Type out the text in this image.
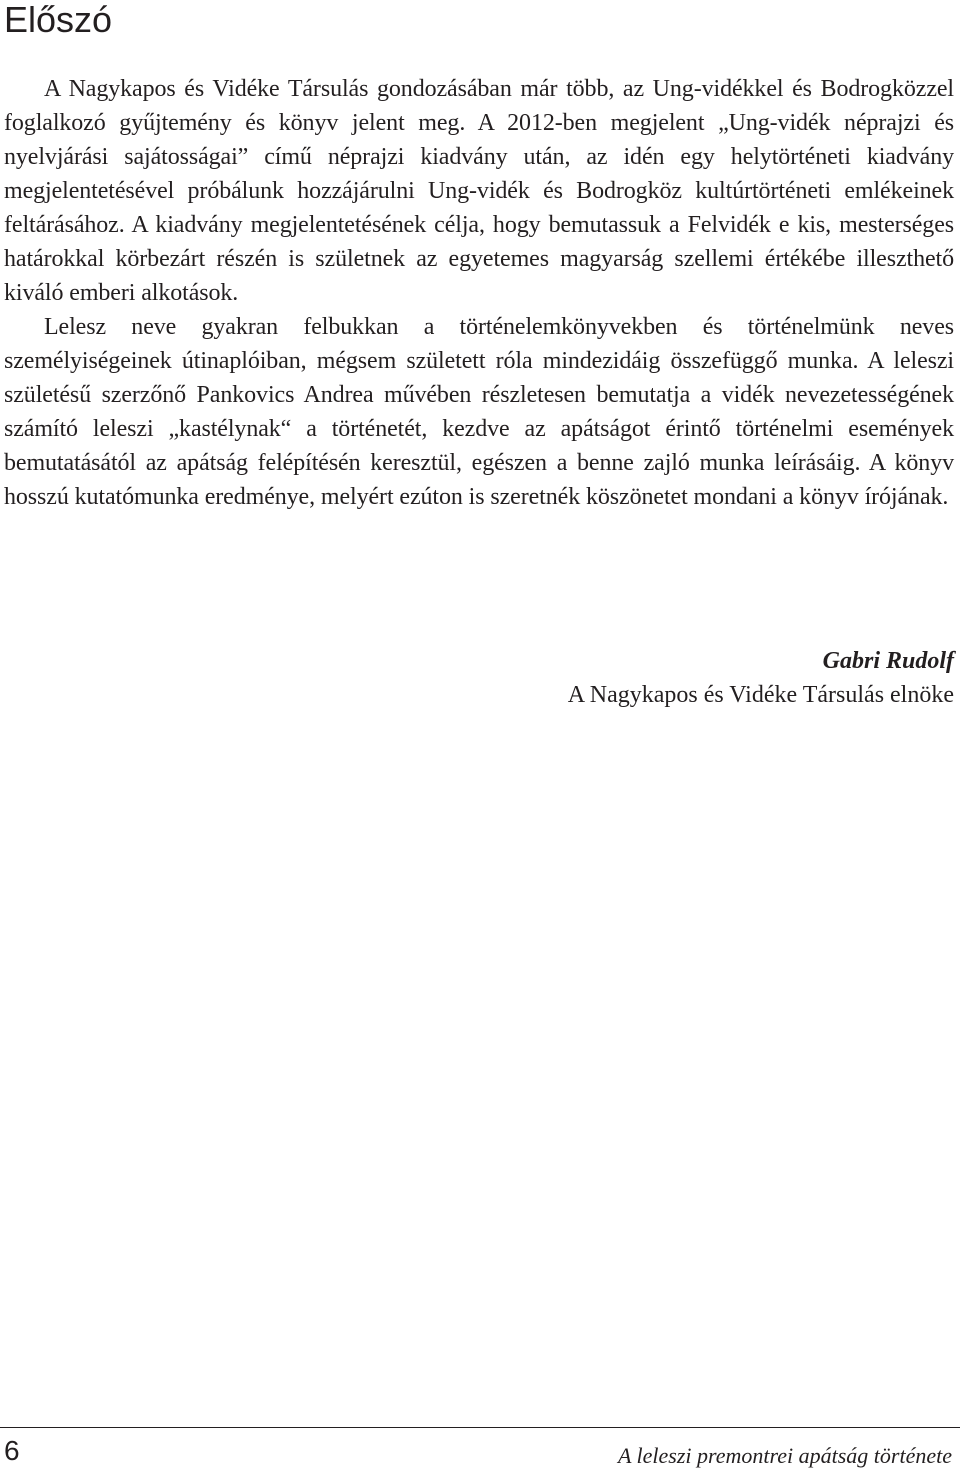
Előszó

A Nagykapos és Vidéke Társulás gondozásában már több, az Ung-vidékkel és Bodrogközzel foglalkozó gyűjtemény és könyv jelent meg. A 2012-ben megjelent „Ung-vidék néprajzi és nyelvjárási sajátosságai” című néprajzi kiadvány után, az idén egy helytörténeti kiadvány megjelentetésével próbálunk hozzájárulni Ung-vidék és Bodrogköz kultúrtörténeti emlékeinek feltárásához. A kiadvány megjelentetésének célja, hogy bemutassuk a Felvidék e kis, mesterséges határokkal körbezárt részén is születnek az egyetemes magyarság szellemi értékébe illeszthető kiváló emberi alkotások.

Lelesz neve gyakran felbukkan a történelemkönyvekben és történelmünk neves személyiségeinek útinaplóiban, mégsem született róla mindezidáig összefüggő munka. A leleszi születésű szerzőnő Pankovics Andrea művében részletesen bemutatja a vidék nevezetességének számító leleszi „kastélynak“ a történetét, kezdve az apátságot érintő történelmi események bemutatásától az apátság felépítésén keresztül, egészen a benne zajló munka leírásáig. A könyv hosszú kutatómunka eredménye, melyért ezúton is szeretnék köszönetet mondani a könyv írójának.

Gabri Rudolf
A Nagykapos és Vidéke Társulás elnöke
6	A leleszi premontrei apátság története
